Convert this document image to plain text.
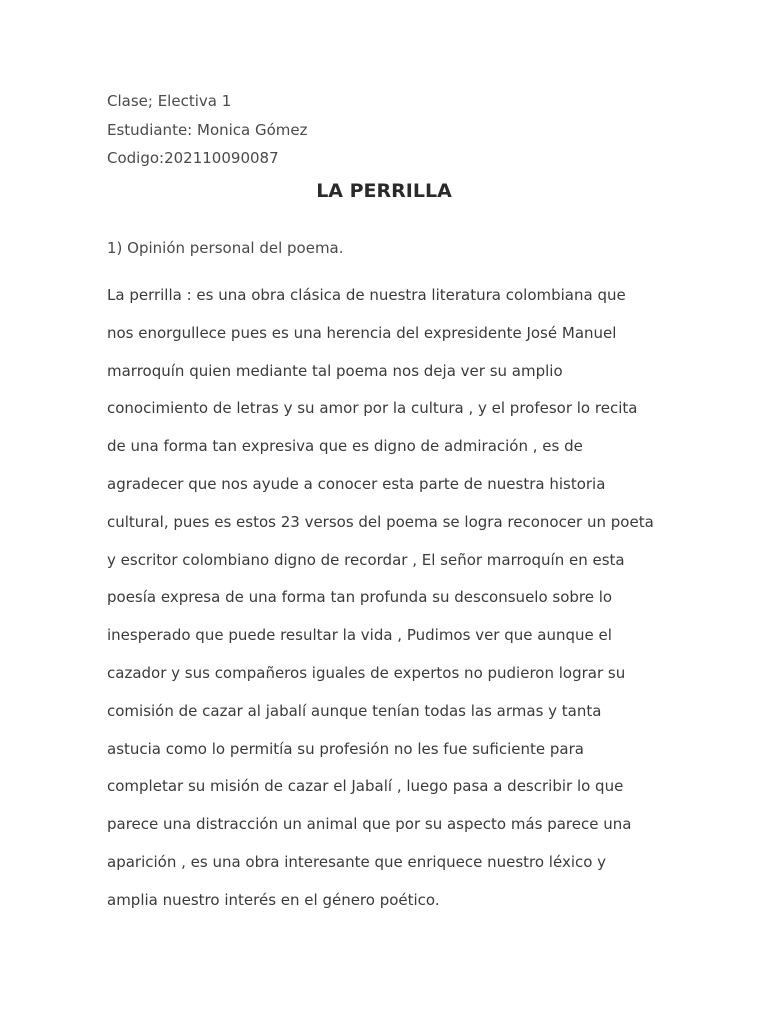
Clase; Electiva 1
Estudiante: Monica Gómez
Codigo:202110090087
LA PERRILLA
1) Opinión personal del poema.
La perrilla : es una obra clásica de nuestra literatura colombiana que
nos enorgullece pues es una herencia del expresidente José Manuel
marroquín quien mediante tal poema nos deja ver su amplio
conocimiento de letras y su amor por la cultura , y el profesor lo recita
de una forma tan expresiva que es digno de admiración , es de
agradecer que nos ayude a conocer esta parte de nuestra historia
cultural, pues es estos 23 versos del poema se logra reconocer un poeta
y escritor colombiano digno de recordar , El señor marroquín en esta
poesía expresa de una forma tan profunda su desconsuelo sobre lo
inesperado que puede resultar la vida , Pudimos ver que aunque el
cazador y sus compañeros iguales de expertos no pudieron lograr su
comisión de cazar al jabalí aunque tenían todas las armas y tanta
astucia como lo permitía su profesión no les fue suficiente para
completar su misión de cazar el Jabalí , luego pasa a describir lo que
parece una distracción un animal que por su aspecto más parece una
aparición , es una obra interesante que enriquece nuestro léxico y
amplia nuestro interés en el género poético.
